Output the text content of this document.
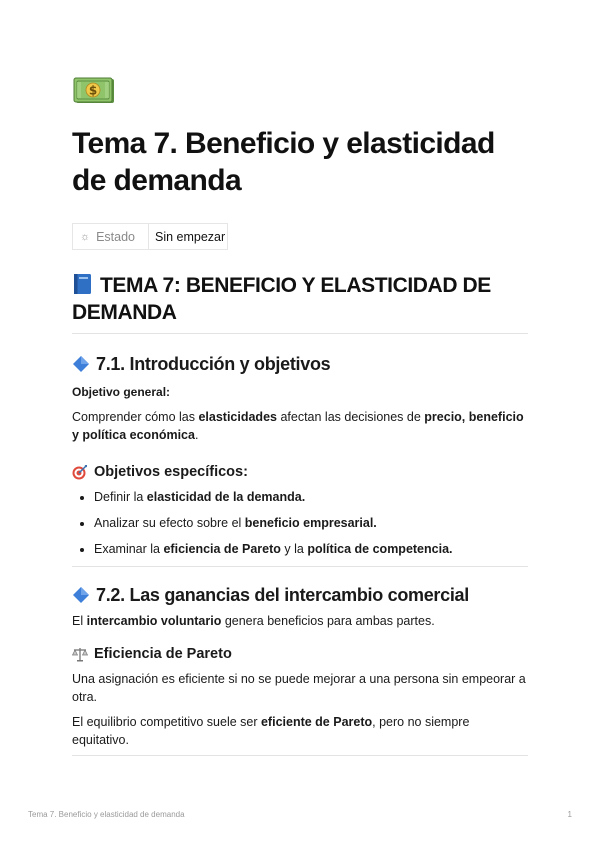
$
Tema 7. Beneficio y elasticidad de demanda
☼ Estado	Sin empezar
TEMA 7: BENEFICIO Y ELASTICIDAD DE DEMANDA
7.1. Introducción y objetivos

Objetivo general:

Comprender cómo las elasticidades afectan las decisiones de precio, beneficio y política económica.

Objetivos específicos:
• Definir la elasticidad de la demanda.
• Analizar su efecto sobre el beneficio empresarial.
• Examinar la eficiencia de Pareto y la política de competencia.
7.2. Las ganancias del intercambio comercial

El intercambio voluntario genera beneficios para ambas partes.

Eficiencia de Pareto

Una asignación es eficiente si no se puede mejorar a una persona sin empeorar a otra.

El equilibrio competitivo suele ser eficiente de Pareto, pero no siempre equitativo.

Tema 7. Beneficio y elasticidad de demanda	1
